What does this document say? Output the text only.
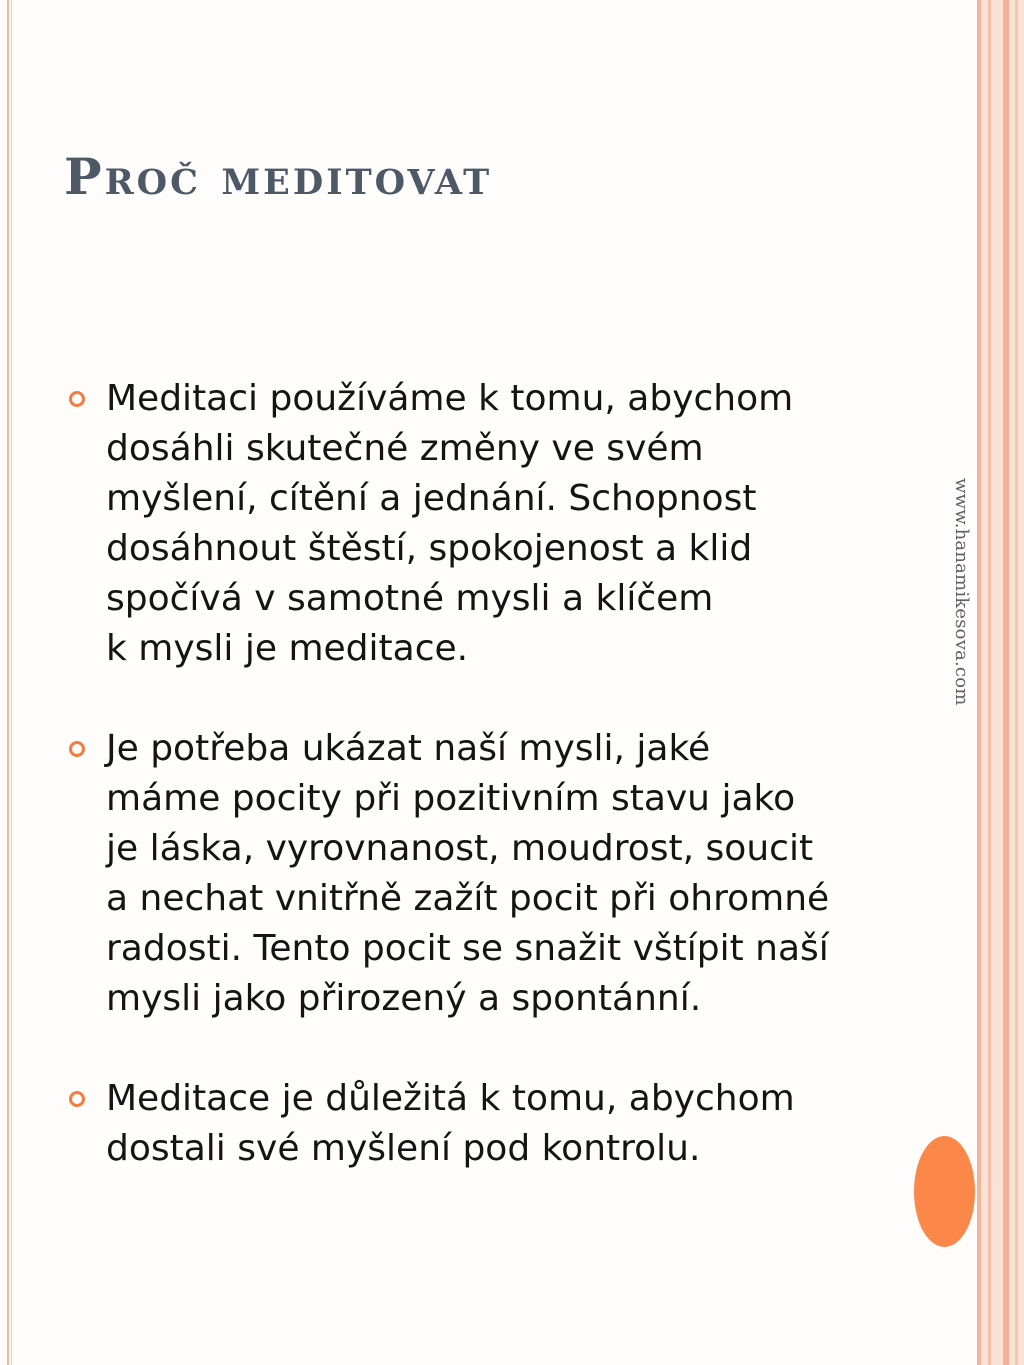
Proč meditovat
Meditaci používáme k tomu, abychom
dosáhli skutečné změny ve svém
myšlení, cítění a jednání. Schopnost
dosáhnout štěstí, spokojenost a klid
spočívá v samotné mysli a klíčem
k mysli je meditace.
Je potřeba ukázat naší mysli, jaké
máme pocity při pozitivním stavu jako
je láska, vyrovnanost, moudrost, soucit
a nechat vnitřně zažít pocit při ohromné
radosti. Tento pocit se snažit vštípit naší
mysli jako přirozený a spontánní.
Meditace je důležitá k tomu, abychom
dostali své myšlení pod kontrolu.
www.hanamikesova.com
